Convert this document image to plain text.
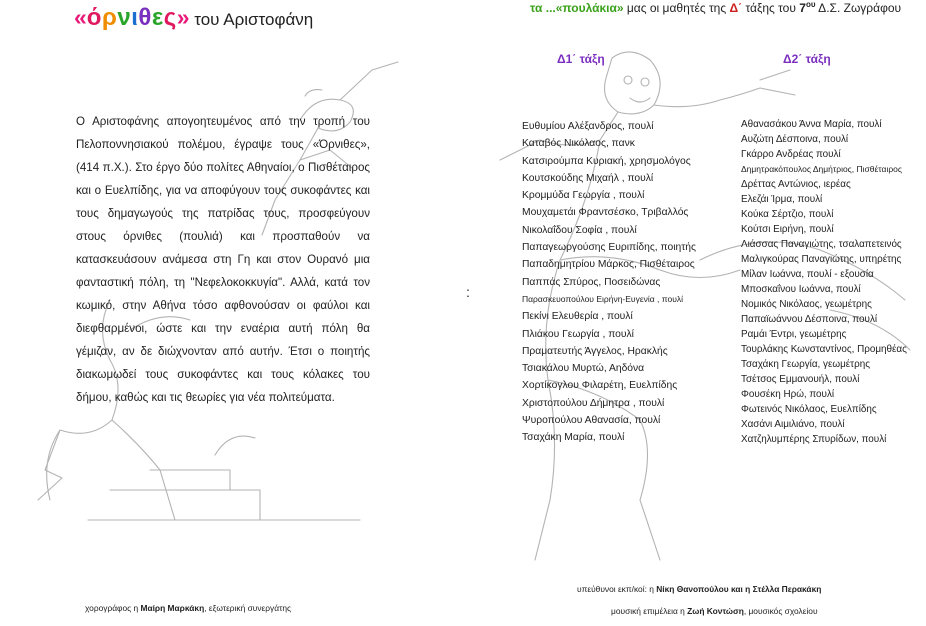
«όρνιθες» του Αριστοφάνη
τα ...«πουλάκια» μας οι μαθητές της Δ΄ τάξης του $7^{o\upsilon}$ Δ.Σ. Ζωγράφου
Ο Αριστοφάνης απογοητευμένος από την τροπή του Πελοποννησιακού πολέμου, έγραψε τους «Όρνιθες», (414 π.Χ.). Στο έργο δύο πολίτες Αθηναίοι, ο Πισθέταιρος και ο Ευελπίδης, για να αποφύγουν τους συκοφάντες και τους δημαγωγούς της πατρίδας τους, προσφεύγουν στους όρνιθες (πουλιά) και προσπαθούν να κατασκευάσουν ανάμεσα στη Γη και στον Ουρανό μια φανταστική πόλη, τη "Νεφελοκοκκυγία". Αλλά, κατά τον κωμικό, στην Αθήνα τόσο αφθονούσαν οι φαύλοι και διεφθαρμένοι, ώστε και την εναέρια αυτή πόλη θα γέμιζαν, αν δε διώχνονταν από αυτήν. Έτσι ο ποιητής διακωμωδεί τους συκοφάντες και τους κόλακες του δήμου, καθώς και τις θεωρίες για νέα πολιτεύματα.
:
Δ1΄ τάξη	Δ2΄ τάξη
Ευθυμίου Αλέξανδρος, πουλί
Καταβός Νικόλαος, πανκ
Κατσιρούμπα Κυριακή, χρησμολόγος
Κουτσκούδης Μιχαήλ , πουλί
Κρομμύδα Γεωργία , πουλί
Μουχαμετάι Φραντσέσκο, Τριβαλλός
Νικολαΐδου Σοφία , πουλί
Παπαγεωργούσης Ευριπίδης, ποιητής
Παπαδημητρίου Μάρκος, Πισθέταιρος
Παππάς Σπύρος, Ποσειδώνας
Παρασκευοπούλου Ειρήνη-Ευγενία , πουλί
Πεκίνι Ελευθερία , πουλί
Πλιάκου Γεωργία , πουλί
Πραματευτής Άγγελος, Ηρακλής
Τσιακάλου Μυρτώ, Αηδόνα
Χορτίκογλου Φιλαρέτη, Ευελπίδης
Χριστοπούλου Δήμητρα , πουλί
Ψυροπούλου Αθανασία, πουλί
Τσαχάκη Μαρία, πουλί
Αθανασάκου Άννα Μαρία, πουλί
Αυζώτη Δέσποινα, πουλί
Γκάρρο Ανδρέας πουλί
Δημητρακόπουλος Δημήτριος, Πισθέταιρος
Δρέττας Αντώνιος, ιερέας
Ελεζάι Ίρμα, πουλί
Κούκα Σέρτζιο, πουλί
Κούτσι Ειρήνη, πουλί
Λιάσσας Παναγιώτης, τσαλαπετεινός
Μαλιγκούρας Παναγιώτης, υπηρέτης
Μίλαν Ιωάννα, πουλί - εξουσία
Μποσκαΐνου Ιωάννα, πουλί
Νομικός Νικόλαος, γεωμέτρης
Παπαϊωάννου Δέσποινα, πουλί
Ραμάι Έντρι, γεωμέτρης
Τουρλάκης Κωνσταντίνος, Προμηθέας
Τσαχάκη Γεωργία, γεωμέτρης
Τσέτσος Εμμανουήλ, πουλί
Φουσέκη Ηρώ, πουλί
Φωτεινός Νικόλαος, Ευελπίδης
Χασάνι Αιμιλιάνο, πουλί
Χατζηλυμπέρης Σπυρίδων, πουλί
χορογράφος η Μαίρη Μαρκάκη, εξωτερική συνεργάτης
υπεύθυνοι εκπ/κοί: η Νίκη Θανοπούλου και η Στέλλα Περακάκη
μουσική επιμέλεια η Ζωή Κοντώση, μουσικός σχολείου
